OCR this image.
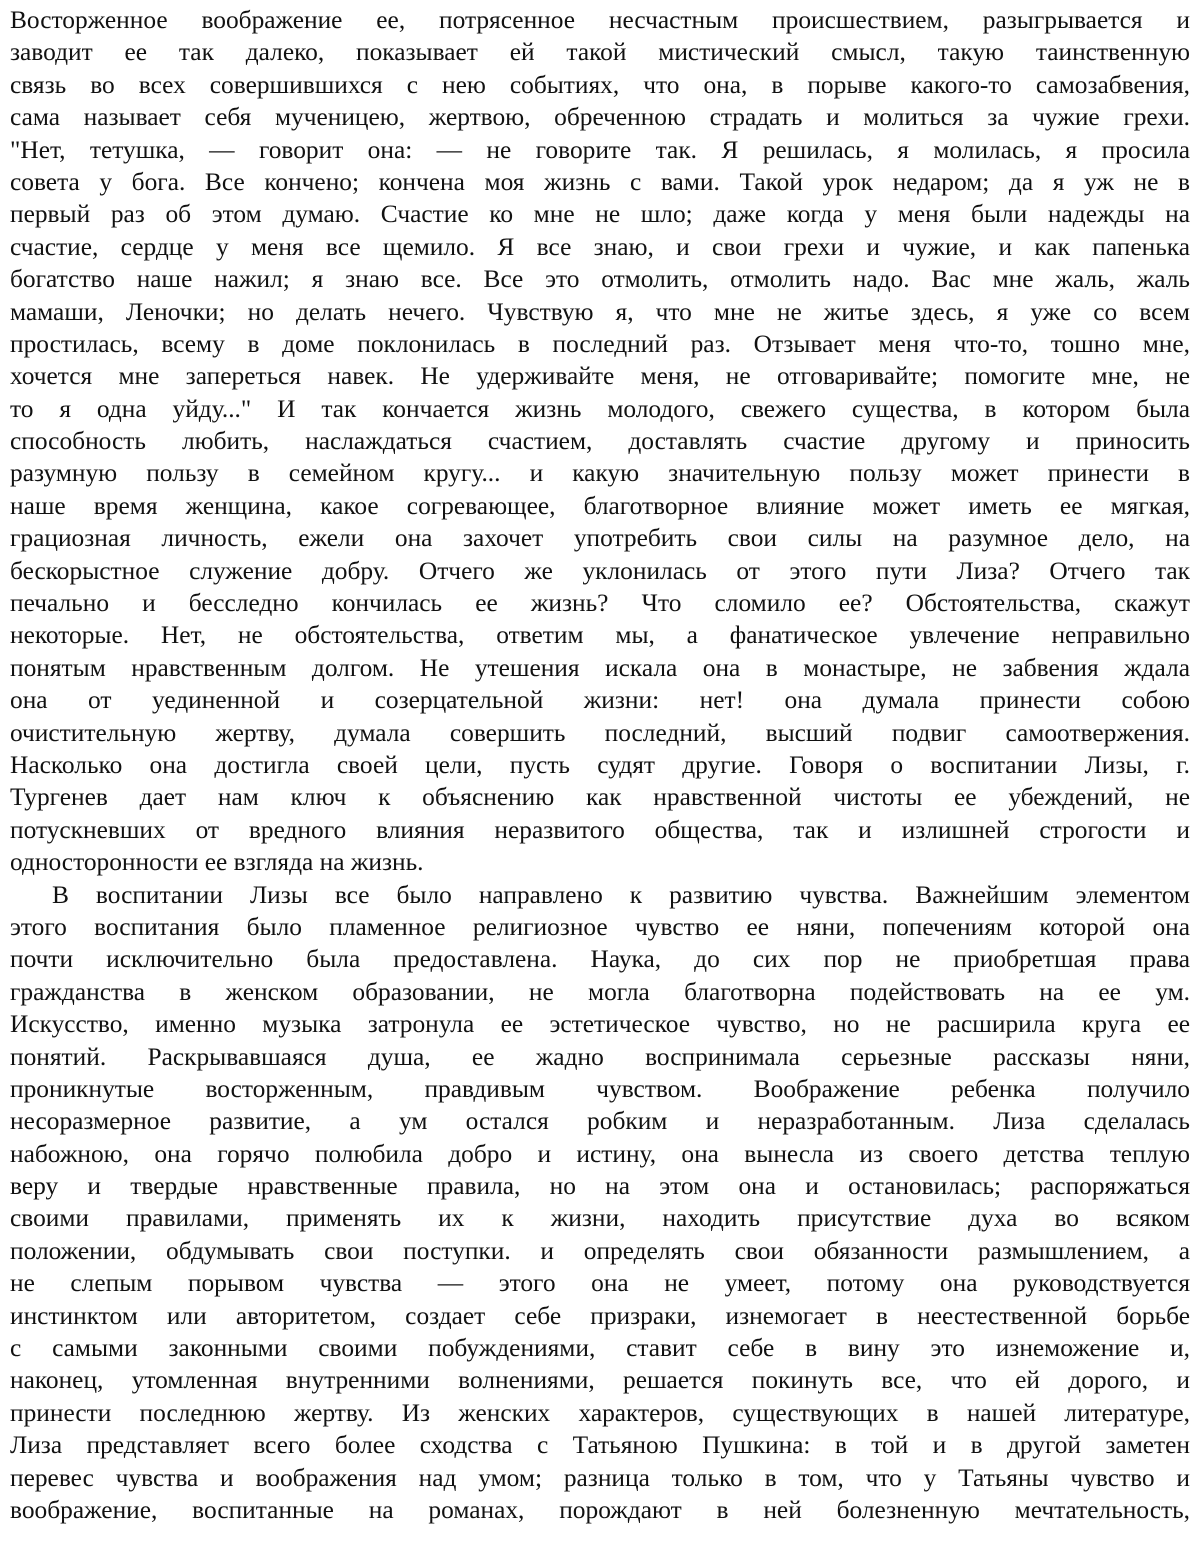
Восторженное воображение ее, потрясенное несчастным происшествием, разыгрывается и
заводит ее так далеко, показывает ей такой мистический смысл, такую таинственную
связь во всех совершившихся с нею событиях, что она, в порыве какого-то самозабвения,
сама называет себя мученицею, жертвою, обреченною страдать и молиться за чужие грехи.
"Нет, тетушка, — говорит она: — не говорите так. Я решилась, я молилась, я просила
совета у бога. Все кончено; кончена моя жизнь с вами. Такой урок недаром; да я уж не в
первый раз об этом думаю. Счастие ко мне не шло; даже когда у меня были надежды на
счастие, сердце у меня все щемило. Я все знаю, и свои грехи и чужие, и как папенька
богатство наше нажил; я знаю все. Все это отмолить, отмолить надо. Вас мне жаль, жаль
мамаши, Леночки; но делать нечего. Чувствую я, что мне не житье здесь, я уже со всем
простилась, всему в доме поклонилась в последний раз. Отзывает меня что-то, тошно мне,
хочется мне запереться навек. Не удерживайте меня, не отговаривайте; помогите мне, не
то я одна уйду..." И так кончается жизнь молодого, свежего существа, в котором была
способность любить, наслаждаться счастием, доставлять счастие другому и приносить
разумную пользу в семейном кругу... и какую значительную пользу может принести в
наше время женщина, какое согревающее, благотворное влияние может иметь ее мягкая,
грациозная личность, ежели она захочет употребить свои силы на разумное дело, на
бескорыстное служение добру. Отчего же уклонилась от этого пути Лиза? Отчего так
печально и бесследно кончилась ее жизнь? Что сломило ее? Обстоятельства, скажут
некоторые. Нет, не обстоятельства, ответим мы, а фанатическое увлечение неправильно
понятым нравственным долгом. Не утешения искала она в монастыре, не забвения ждала
она от уединенной и созерцательной жизни: нет! она думала принести собою
очистительную жертву, думала совершить последний, высший подвиг самоотвержения.
Насколько она достигла своей цели, пусть судят другие. Говоря о воспитании Лизы, г.
Тургенев дает нам ключ к объяснению как нравственной чистоты ее убеждений, не
потускневших от вредного влияния неразвитого общества, так и излишней строгости и
односторонности ее взгляда на жизнь.
В воспитании Лизы все было направлено к развитию чувства. Важнейшим элементом
этого воспитания было пламенное религиозное чувство ее няни, попечениям которой она
почти исключительно была предоставлена. Наука, до сих пор не приобретшая права
гражданства в женском образовании, не могла благотворна подействовать на ее ум.
Искусство, именно музыка затронула ее эстетическое чувство, но не расширила круга ее
понятий. Раскрывавшаяся душа, ее жадно воспринимала серьезные рассказы няни,
проникнутые восторженным, правдивым чувством. Воображение ребенка получило
несоразмерное развитие, а ум остался робким и неразработанным. Лиза сделалась
набожною, она горячо полюбила добро и истину, она вынесла из своего детства теплую
веру и твердые нравственные правила, но на этом она и остановилась; распоряжаться
своими правилами, применять их к жизни, находить присутствие духа во всяком
положении, обдумывать свои поступки. и определять свои обязанности размышлением, а
не слепым порывом чувства — этого она не умеет, потому она руководствуется
инстинктом или авторитетом, создает себе призраки, изнемогает в неестественной борьбе
с самыми законными своими побуждениями, ставит себе в вину это изнеможение и,
наконец, утомленная внутренними волнениями, решается покинуть все, что ей дорого, и
принести последнюю жертву. Из женских характеров, существующих в нашей литературе,
Лиза представляет всего более сходства с Татьяною Пушкина: в той и в другой заметен
перевес чувства и воображения над умом; разница только в том, что у Татьяны чувство и
воображение, воспитанные на романах, порождают в ней болезненную мечтательность,
